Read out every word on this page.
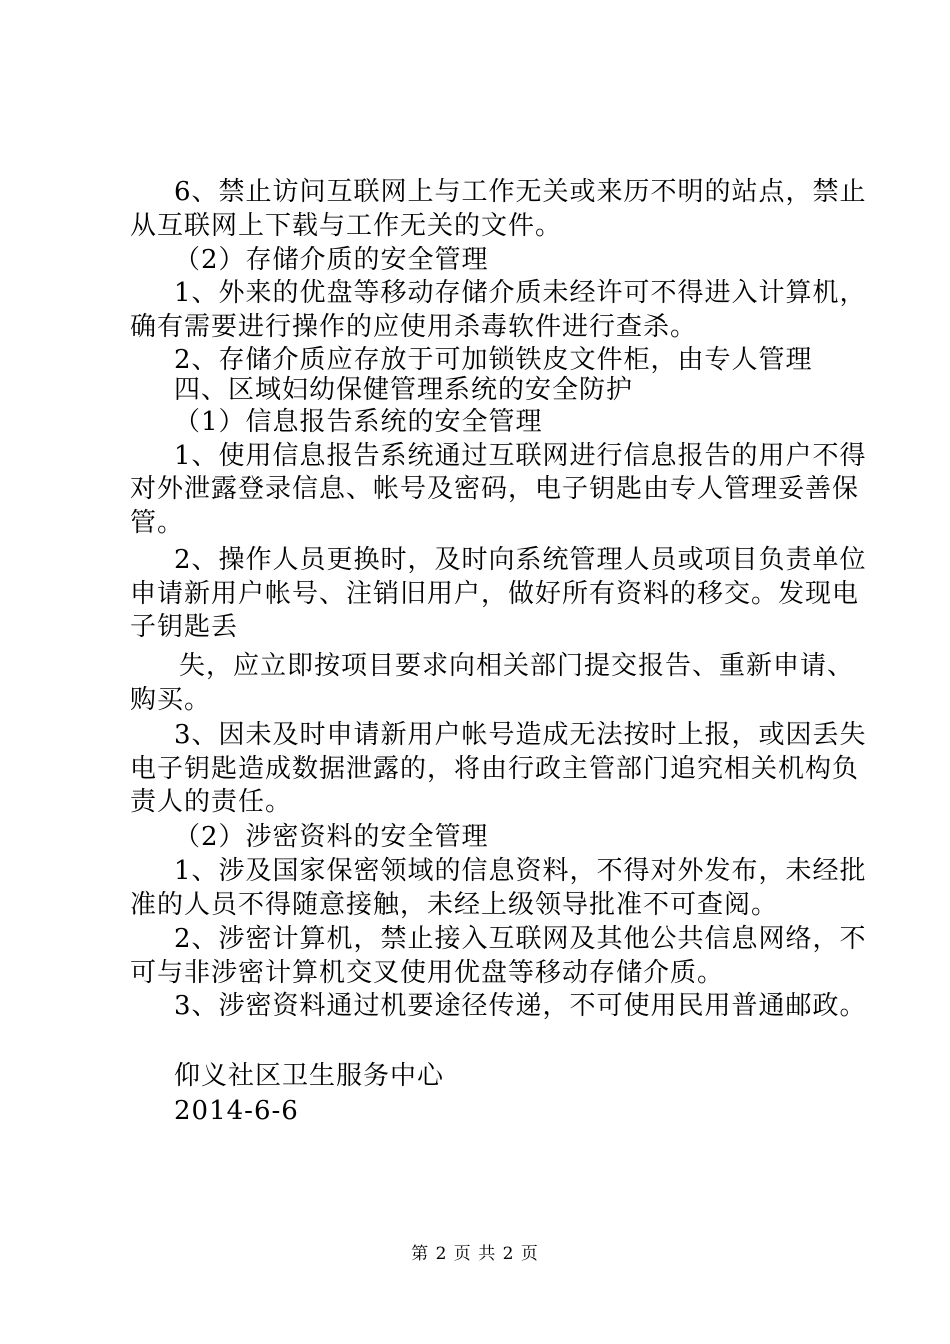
6、禁止访问互联网上与工作无关或来历不明的站点，禁止
从互联网上下载与工作无关的文件。
（2）存储介质的安全管理
1、外来的优盘等移动存储介质未经许可不得进入计算机，
确有需要进行操作的应使用杀毒软件进行查杀。
2、存储介质应存放于可加锁铁皮文件柜，由专人管理
四、区域妇幼保健管理系统的安全防护
（1）信息报告系统的安全管理
1、使用信息报告系统通过互联网进行信息报告的用户不得
对外泄露登录信息、帐号及密码，电子钥匙由专人管理妥善保
管。
2、操作人员更换时，及时向系统管理人员或项目负责单位
申请新用户帐号、注销旧用户，做好所有资料的移交。发现电
子钥匙丢
失，应立即按项目要求向相关部门提交报告、重新申请、
购买。
3、因未及时申请新用户帐号造成无法按时上报，或因丢失
电子钥匙造成数据泄露的，将由行政主管部门追究相关机构负
责人的责任。
（2）涉密资料的安全管理
1、涉及国家保密领域的信息资料，不得对外发布，未经批
准的人员不得随意接触，未经上级领导批准不可查阅。
2、涉密计算机，禁止接入互联网及其他公共信息网络，不
可与非涉密计算机交叉使用优盘等移动存储介质。
3、涉密资料通过机要途径传递，不可使用民用普通邮政。
仰义社区卫生服务中心
2014-6-6
第 2 页 共 2 页
